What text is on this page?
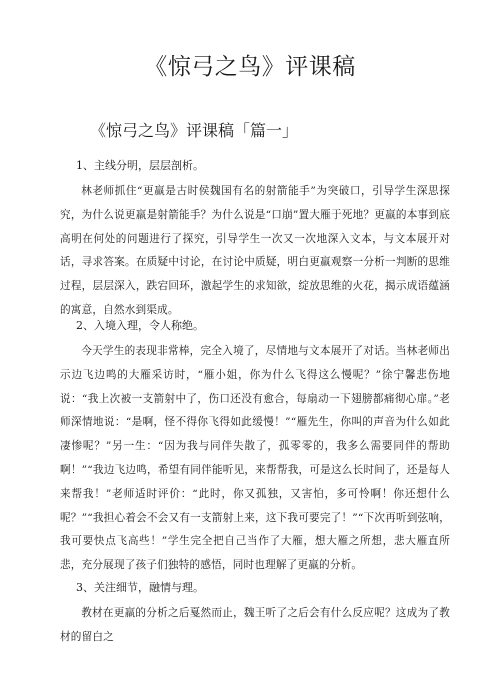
《惊弓之鸟》评课稿
《惊弓之鸟》评课稿「篇一」

1、主线分明，层层剖析。

林老师抓住“更羸是古时侯魏国有名的射箭能手”为突破口，引导学生深思探究，为什么说更羸是射箭能手？为什么说是“口崩”置大雁于死地？更羸的本事到底高明在何处的问题进行了探究，引导学生一次又一次地深入文本，与文本展开对话，寻求答案。在质疑中讨论，在讨论中质疑，明白更羸观察一分析一判断的思维过程，层层深入，跌宕回环，激起学生的求知欲，绽放思维的火花，揭示成语蕴涵的寓意，自然水到渠成。

2、入境入理，令人称绝。

今天学生的表现非常棒，完全入境了，尽情地与文本展开了对话。当林老师出示边飞边鸣的大雁采访时，“雁小姐，你为什么飞得这么慢呢？”徐宁馨悲伤地说：“我上次被一支箭射中了，伤口还没有愈合，每扇动一下翅膀都痛彻心扉。”老师深情地说：“是啊，怪不得你飞得如此缓慢！”“雁先生，你叫的声音为什么如此凄惨呢？”另一生：“因为我与同伴失散了，孤零零的，我多么需要同伴的帮助啊！”“我边飞边鸣，希望有同伴能听见，来帮帮我，可是这么长时间了，还是每人来帮我！”老师适时评价：“此时，你又孤独，又害怕，多可怜啊！你还想什么呢？”“我担心着会不会又有一支箭射上来，这下我可要完了！”“下次再听到弦响，我可要快点飞高些！”学生完全把自己当作了大雁，想大雁之所想，悲大雁直所悲，充分展现了孩子们独特的感悟，同时也理解了更羸的分析。

3、关注细节，融情与理。

教材在更羸的分析之后戛然而止，魏王听了之后会有什么反应呢？这成为了教材的留白之
